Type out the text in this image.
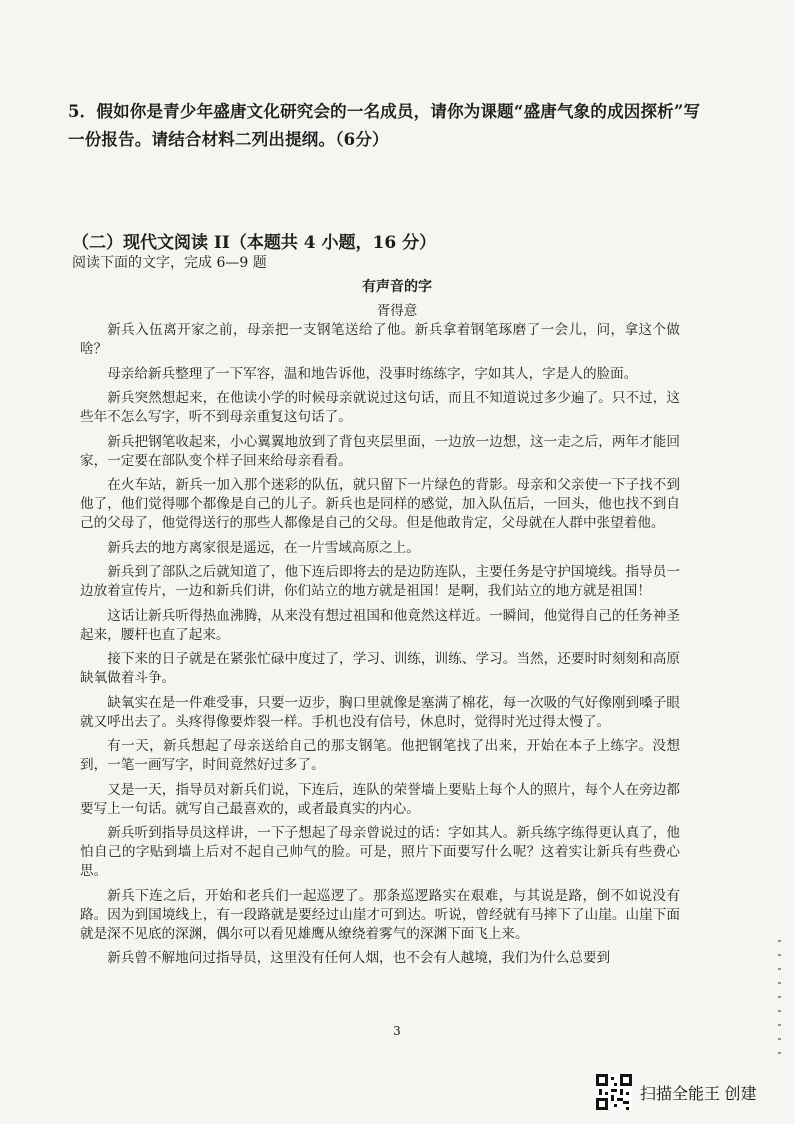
5．假如你是青少年盛唐文化研究会的一名成员，请你为课题“盛唐气象的成因探析”写

一份报告。请结合材料二列出提纲。（6分）

（二）现代文阅读 II（本题共 4 小题，16 分）
阅读下面的文字，完成 6—9 题
有声音的字
胥得意

新兵入伍离开家之前，母亲把一支钢笔送给了他。新兵拿着钢笔琢磨了一会儿，问，拿这个做啥？

母亲给新兵整理了一下军容，温和地告诉他，没事时练练字，字如其人，字是人的脸面。

新兵突然想起来，在他读小学的时候母亲就说过这句话，而且不知道说过多少遍了。只不过，这些年不怎么写字，听不到母亲重复这句话了。

新兵把钢笔收起来，小心翼翼地放到了背包夹层里面，一边放一边想，这一走之后，两年才能回家，一定要在部队变个样子回来给母亲看看。

在火车站，新兵一加入那个迷彩的队伍，就只留下一片绿色的背影。母亲和父亲使一下子找不到他了，他们觉得哪个都像是自己的儿子。新兵也是同样的感觉，加入队伍后，一回头，他也找不到自己的父母了，他觉得送行的那些人都像是自己的父母。但是他敢肯定，父母就在人群中张望着他。

新兵去的地方离家很是遥远，在一片雪域高原之上。

新兵到了部队之后就知道了，他下连后即将去的是边防连队，主要任务是守护国境线。指导员一边放着宣传片，一边和新兵们讲，你们站立的地方就是祖国！是啊，我们站立的地方就是祖国！

这话让新兵听得热血沸腾，从来没有想过祖国和他竟然这样近。一瞬间，他觉得自己的任务神圣起来，腰杆也直了起来。

接下来的日子就是在紧张忙碌中度过了，学习、训练，训练、学习。当然，还要时时刻刻和高原缺氧做着斗争。

缺氧实在是一件难受事，只要一迈步，胸口里就像是塞满了棉花，每一次吸的气好像刚到嗓子眼就又呼出去了。头疼得像要炸裂一样。手机也没有信号，休息时，觉得时光过得太慢了。

有一天，新兵想起了母亲送给自己的那支钢笔。他把钢笔找了出来，开始在本子上练字。没想到，一笔一画写字，时间竟然好过多了。

又是一天，指导员对新兵们说，下连后，连队的荣誉墙上要贴上每个人的照片，每个人在旁边都要写上一句话。就写自己最喜欢的，或者最真实的内心。

新兵听到指导员这样讲，一下子想起了母亲曾说过的话：字如其人。新兵练字练得更认真了，他怕自己的字贴到墙上后对不起自己帅气的脸。可是，照片下面要写什么呢？这着实让新兵有些费心思。

新兵下连之后，开始和老兵们一起巡逻了。那条巡逻路实在艰难，与其说是路，倒不如说没有路。因为到国境线上，有一段路就是要经过山崖才可到达。听说，曾经就有马摔下了山崖。山崖下面就是深不见底的深渊，偶尔可以看见雄鹰从缭绕着雾气的深渊下面飞上来。

新兵曾不解地问过指导员，这里没有任何人烟，也不会有人越境，我们为什么总要到

3
扫描全能王 创建
